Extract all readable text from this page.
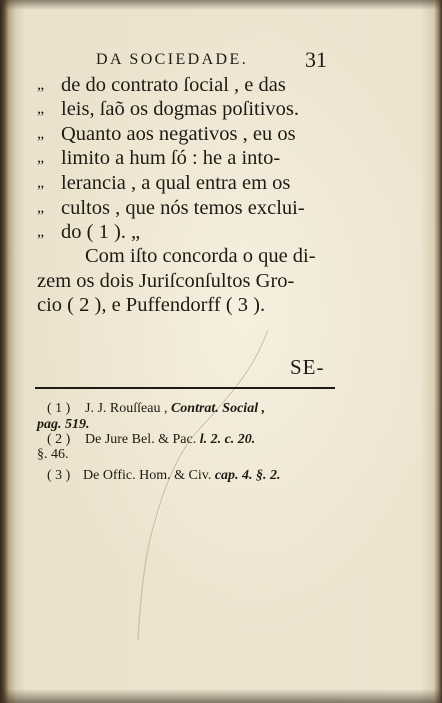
DA SOCIEDADE.	31
„ de do contrato ſocial , e das
„ leis, ſaõ os dogmas poſitivos.
„ Quanto aos negativos , eu os
„ limito a hum ſó : he a into-
„ lerancia , a qual entra em os
„ cultos , que nós temos exclui-
„ do ( 1 ). „
Com iſto concorda o que di-
zem os dois Juriſconſultos Gro-
cio ( 2 ), e Puffendorff ( 3 ).
SE-
( 1 ) J. J. Rouſſeau , Contrat. Social ,
pag. 519.
( 2 ) De Jure Bel. & Pac. l. 2. c. 20.
§. 46.
( 3 ) De Offic. Hom. & Civ. cap. 4. §. 2.
